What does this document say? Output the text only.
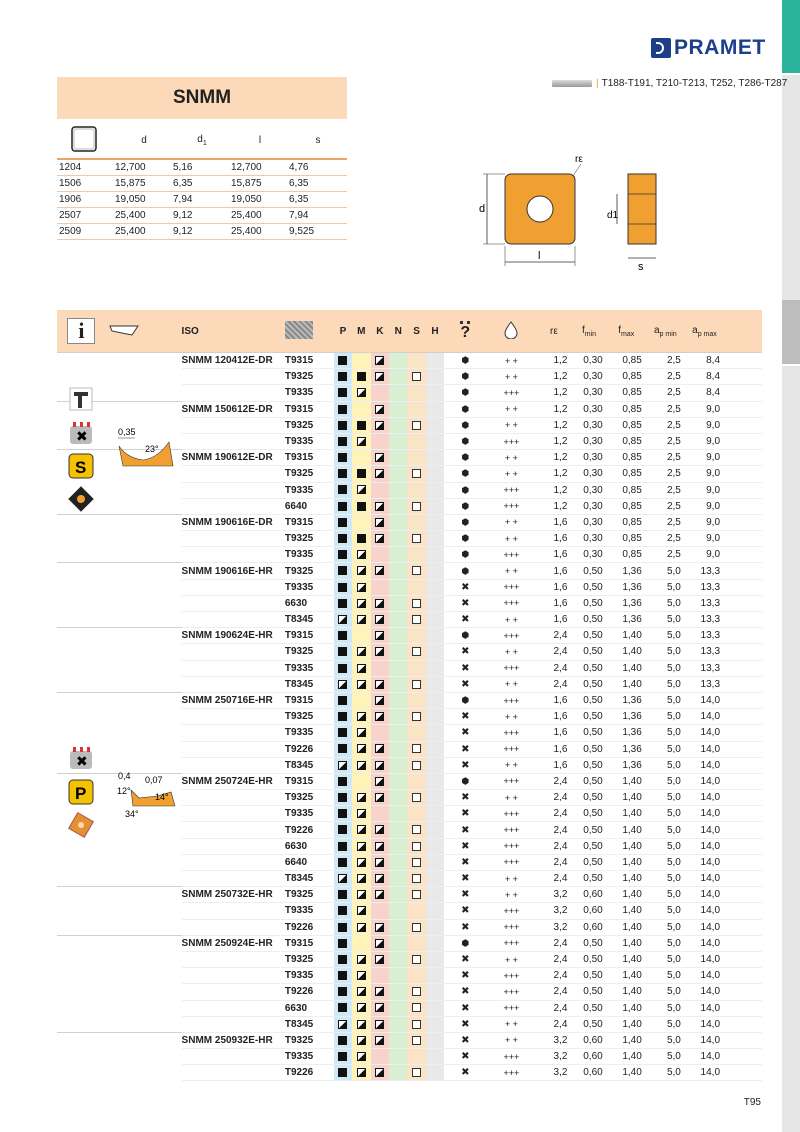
PRAMET
| T188-T191, T210-T213, T252, T286-T287
SNMM
	d	$d_1$	l	s
1204	12,700	5,16	12,700	4,76
1506	15,875	6,35	15,875	6,35
1906	19,050	7,94	19,050	6,35
2507	25,400	9,12	25,400	7,94
2509	25,400	9,12	25,400	9,525
d
l
rε
s
d1
i		ISO		P	M	K	N	S	H	?		rε	$f_{min}$	$f_{max}$	$a_{p min}$	$a_{p max}$	
		SNMM 120412E-DR	T9315							⬢	+ +	1,2	0,30	0,85	2,5	8,4	
			T9325							⬢	+ +	1,2	0,30	0,85	2,5	8,4	
			T9335							⬢	+++	1,2	0,30	0,85	2,5	8,4	
		SNMM 150612E-DR	T9315							⬢	+ +	1,2	0,30	0,85	2,5	9,0	
			T9325							⬢	+ +	1,2	0,30	0,85	2,5	9,0	
			T9335							⬢	+++	1,2	0,30	0,85	2,5	9,0	
		SNMM 190612E-DR	T9315							⬢	+ +	1,2	0,30	0,85	2,5	9,0	
			T9325							⬢	+ +	1,2	0,30	0,85	2,5	9,0	
			T9335							⬢	+++	1,2	0,30	0,85	2,5	9,0	
			6640							⬢	+++	1,2	0,30	0,85	2,5	9,0	
		SNMM 190616E-DR	T9315							⬢	+ +	1,6	0,30	0,85	2,5	9,0	
			T9325							⬢	+ +	1,6	0,30	0,85	2,5	9,0	
			T9335							⬢	+++	1,6	0,30	0,85	2,5	9,0	
		SNMM 190616E-HR	T9325							⬢	+ +	1,6	0,50	1,36	5,0	13,3	
			T9335							✖	+++	1,6	0,50	1,36	5,0	13,3	
			6630							✖	+++	1,6	0,50	1,36	5,0	13,3	
			T8345							✖	+ +	1,6	0,50	1,36	5,0	13,3	
		SNMM 190624E-HR	T9315							⬢	+++	2,4	0,50	1,40	5,0	13,3	
			T9325							✖	+ +	2,4	0,50	1,40	5,0	13,3	
			T9335							✖	+++	2,4	0,50	1,40	5,0	13,3	
			T8345							✖	+ +	2,4	0,50	1,40	5,0	13,3	
		SNMM 250716E-HR	T9315							⬢	+++	1,6	0,50	1,36	5,0	14,0	
			T9325							✖	+ +	1,6	0,50	1,36	5,0	14,0	
			T9335							✖	+++	1,6	0,50	1,36	5,0	14,0	
			T9226							✖	+++	1,6	0,50	1,36	5,0	14,0	
			T8345							✖	+ +	1,6	0,50	1,36	5,0	14,0	
		SNMM 250724E-HR	T9315							⬢	+++	2,4	0,50	1,40	5,0	14,0	
			T9325							✖	+ +	2,4	0,50	1,40	5,0	14,0	
			T9335							✖	+++	2,4	0,50	1,40	5,0	14,0	
			T9226							✖	+++	2,4	0,50	1,40	5,0	14,0	
			6630							✖	+++	2,4	0,50	1,40	5,0	14,0	
			6640							✖	+++	2,4	0,50	1,40	5,0	14,0	
			T8345							✖	+ +	2,4	0,50	1,40	5,0	14,0	
		SNMM 250732E-HR	T9325							✖	+ +	3,2	0,60	1,40	5,0	14,0	
			T9335							✖	+++	3,2	0,60	1,40	5,0	14,0	
			T9226							✖	+++	3,2	0,60	1,40	5,0	14,0	
		SNMM 250924E-HR	T9315							⬢	+++	2,4	0,50	1,40	5,0	14,0	
			T9325							✖	+ +	2,4	0,50	1,40	5,0	14,0	
			T9335							✖	+++	2,4	0,50	1,40	5,0	14,0	
			T9226							✖	+++	2,4	0,50	1,40	5,0	14,0	
			6630							✖	+++	2,4	0,50	1,40	5,0	14,0	
			T8345							✖	+ +	2,4	0,50	1,40	5,0	14,0	
		SNMM 250932E-HR	T9325							✖	+ +	3,2	0,60	1,40	5,0	14,0	
			T9335							✖	+++	3,2	0,60	1,40	5,0	14,0	
			T9226							✖	+++	3,2	0,60	1,40	5,0	14,0	
✖
S
0,35
23°
✖
P
0,4 0,07
12°
14°
34°
T95
